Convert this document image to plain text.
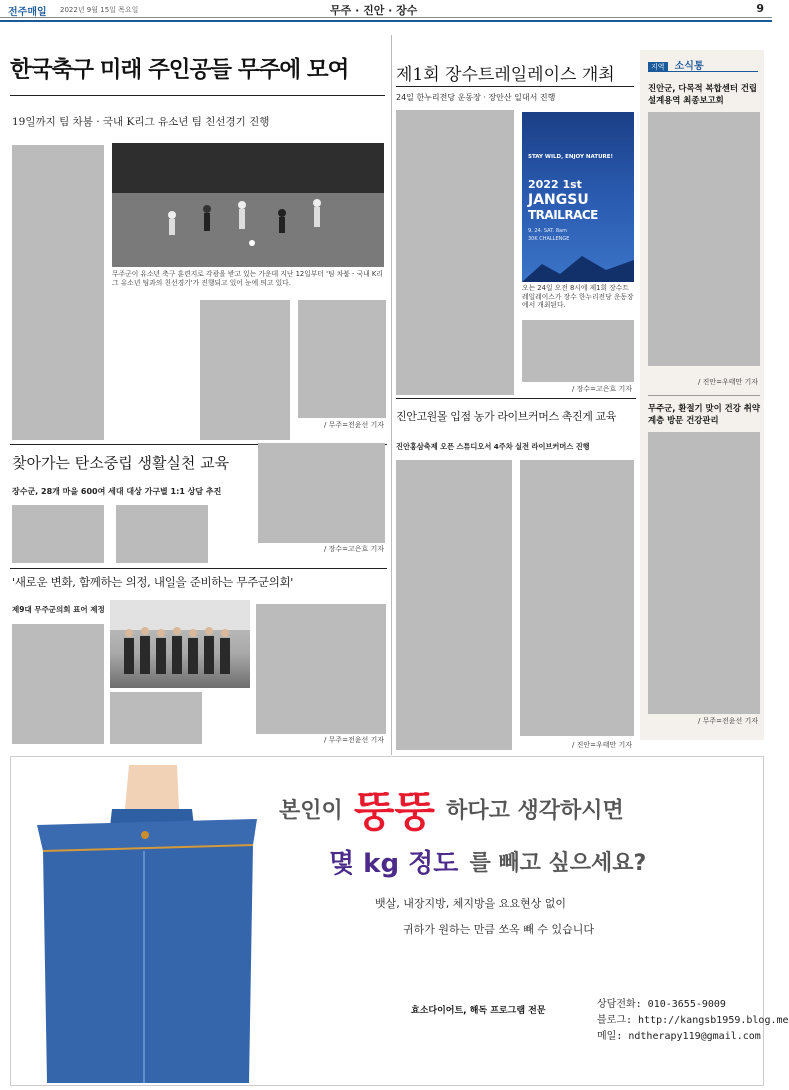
전주매일 2022년 9월 15일 목요일	무주 · 진안 · 장수	9
한국축구 미래 주인공들 무주에 모여
19일까지 팀 차붐 · 국내 K리그 유소년 팀 친선경기 진행
무주군이 유소년 축구 훈련지로 각광을 받고 있는 가운데 지난 12일부터 '팀 차붐 - 국내 K리그 유소년 팀과의 친선경기'가 진행되고 있어 눈에 띄고 있다.
/ 무주=전윤선 기자
제1회 장수트레일레이스 개최
24일 한누리전당 운동장 · 장안산 일대서 진행
STAY WILD, ENJOY NATURE!
2022 1st
JANGSU
TRAILRACE
9. 24. SAT. 8am
30K CHALLENGE
오는 24일 오전 8시에 제1회 장수트레일레이스가 장수 한누리전당 운동장에서 개최된다.
/ 장수=고은효 기자
지역 소식통
진안군, 다목적 복합센터 건립 설계용역 최종보고회
/ 진안=우태만 기자
무주군, 환절기 맞이 건강 취약계층 방문 건강관리
/ 무주=전윤선 기자
찾아가는 탄소중립 생활실천 교육
장수군, 28개 마을 600여 세대 대상 가구별 1:1 상담 추진
/ 장수=고은효 기자
'새로운 변화, 함께하는 의정, 내일을 준비하는 무주군의회'
제9대 무주군의회 표어 제정
/ 무주=전윤선 기자
진안고원몰 입점 농가 라이브커머스 촉진게 교육
진안홍삼축제 오픈 스튜디오서 4주차 실전 라이브커머스 진행
/ 진안=우태만 기자
본인이 뚱뚱 하다고 생각하시면
몇 kg 정도 를 빼고 싶으세요?
뱃살, 내장지방, 체지방을 요요현상 없이
귀하가 원하는 만큼 쏘옥 빼 수 있습니다
효소다이어트, 해독 프로그램 전문
상담전화: 010-3655-9009
블로그: http://kangsb1959.blog.me
메일: ndtherapy119@gmail.com
